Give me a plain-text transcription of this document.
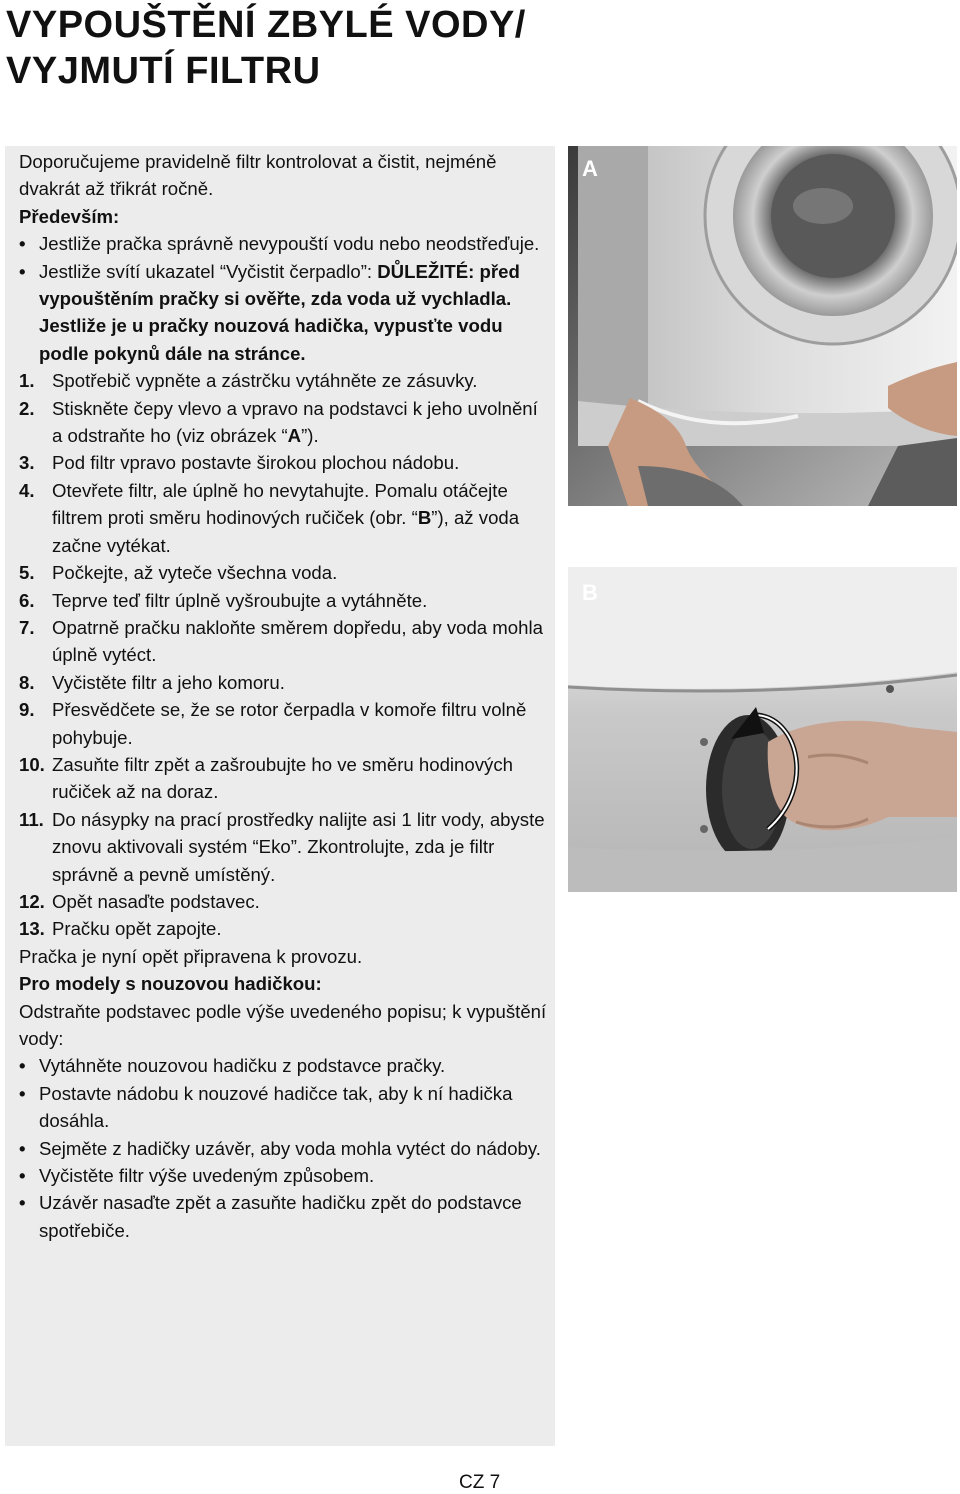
VYPOUŠTĚNÍ ZBYLÉ VODY/
VYJMUTÍ FILTRU

Doporučujeme pravidelně filtr kontrolovat a čistit, nejméně dvakrát až třikrát ročně.

Především:

• Jestliže pračka správně nevypouští vodu nebo neodstřeďuje.
• Jestliže svítí ukazatel “Vyčistit čerpadlo”: DŮLEŽITÉ: před vypouštěním pračky si ověřte, zda voda už vychladla. Jestliže je u pračky nouzová hadička, vypusťte vodu podle pokynů dále na stránce.
1. Spotřebič vypněte a zástrčku vytáhněte ze zásuvky.
2. Stiskněte čepy vlevo a vpravo na podstavci k jeho uvolnění a odstraňte ho (viz obrázek “A”).
3. Pod filtr vpravo postavte širokou plochou nádobu.
4. Otevřete filtr, ale úplně ho nevytahujte. Pomalu otáčejte filtrem proti směru hodinových ručiček (obr. “B”), až voda začne vytékat.
5. Počkejte, až vyteče všechna voda.
6. Teprve teď filtr úplně vyšroubujte a vytáhněte.
7. Opatrně pračku nakloňte směrem dopředu, aby voda mohla úplně vytéct.
8. Vyčistěte filtr a jeho komoru.
9. Přesvědčete se, že se rotor čerpadla v komoře filtru volně pohybuje.
10. Zasuňte filtr zpět a zašroubujte ho ve směru hodinových ručiček až na doraz.
11. Do násypky na prací prostředky nalijte asi 1 litr vody, abyste znovu aktivovali systém “Eko”. Zkontrolujte, zda je filtr správně a pevně umístěný.
12. Opět nasaďte podstavec.
13. Pračku opět zapojte.

Pračka je nyní opět připravena k provozu.

Pro modely s nouzovou hadičkou:

Odstraňte podstavec podle výše uvedeného popisu; k vypuštění vody:

• Vytáhněte nouzovou hadičku z podstavce pračky.
• Postavte nádobu k nouzové hadičce tak, aby k ní hadička dosáhla.
• Sejměte z hadičky uzávěr, aby voda mohla vytéct do nádoby.
• Vyčistěte filtr výše uvedeným způsobem.
• Uzávěr nasaďte zpět a zasuňte hadičku zpět do podstavce spotřebiče.
A
B
CZ 7
